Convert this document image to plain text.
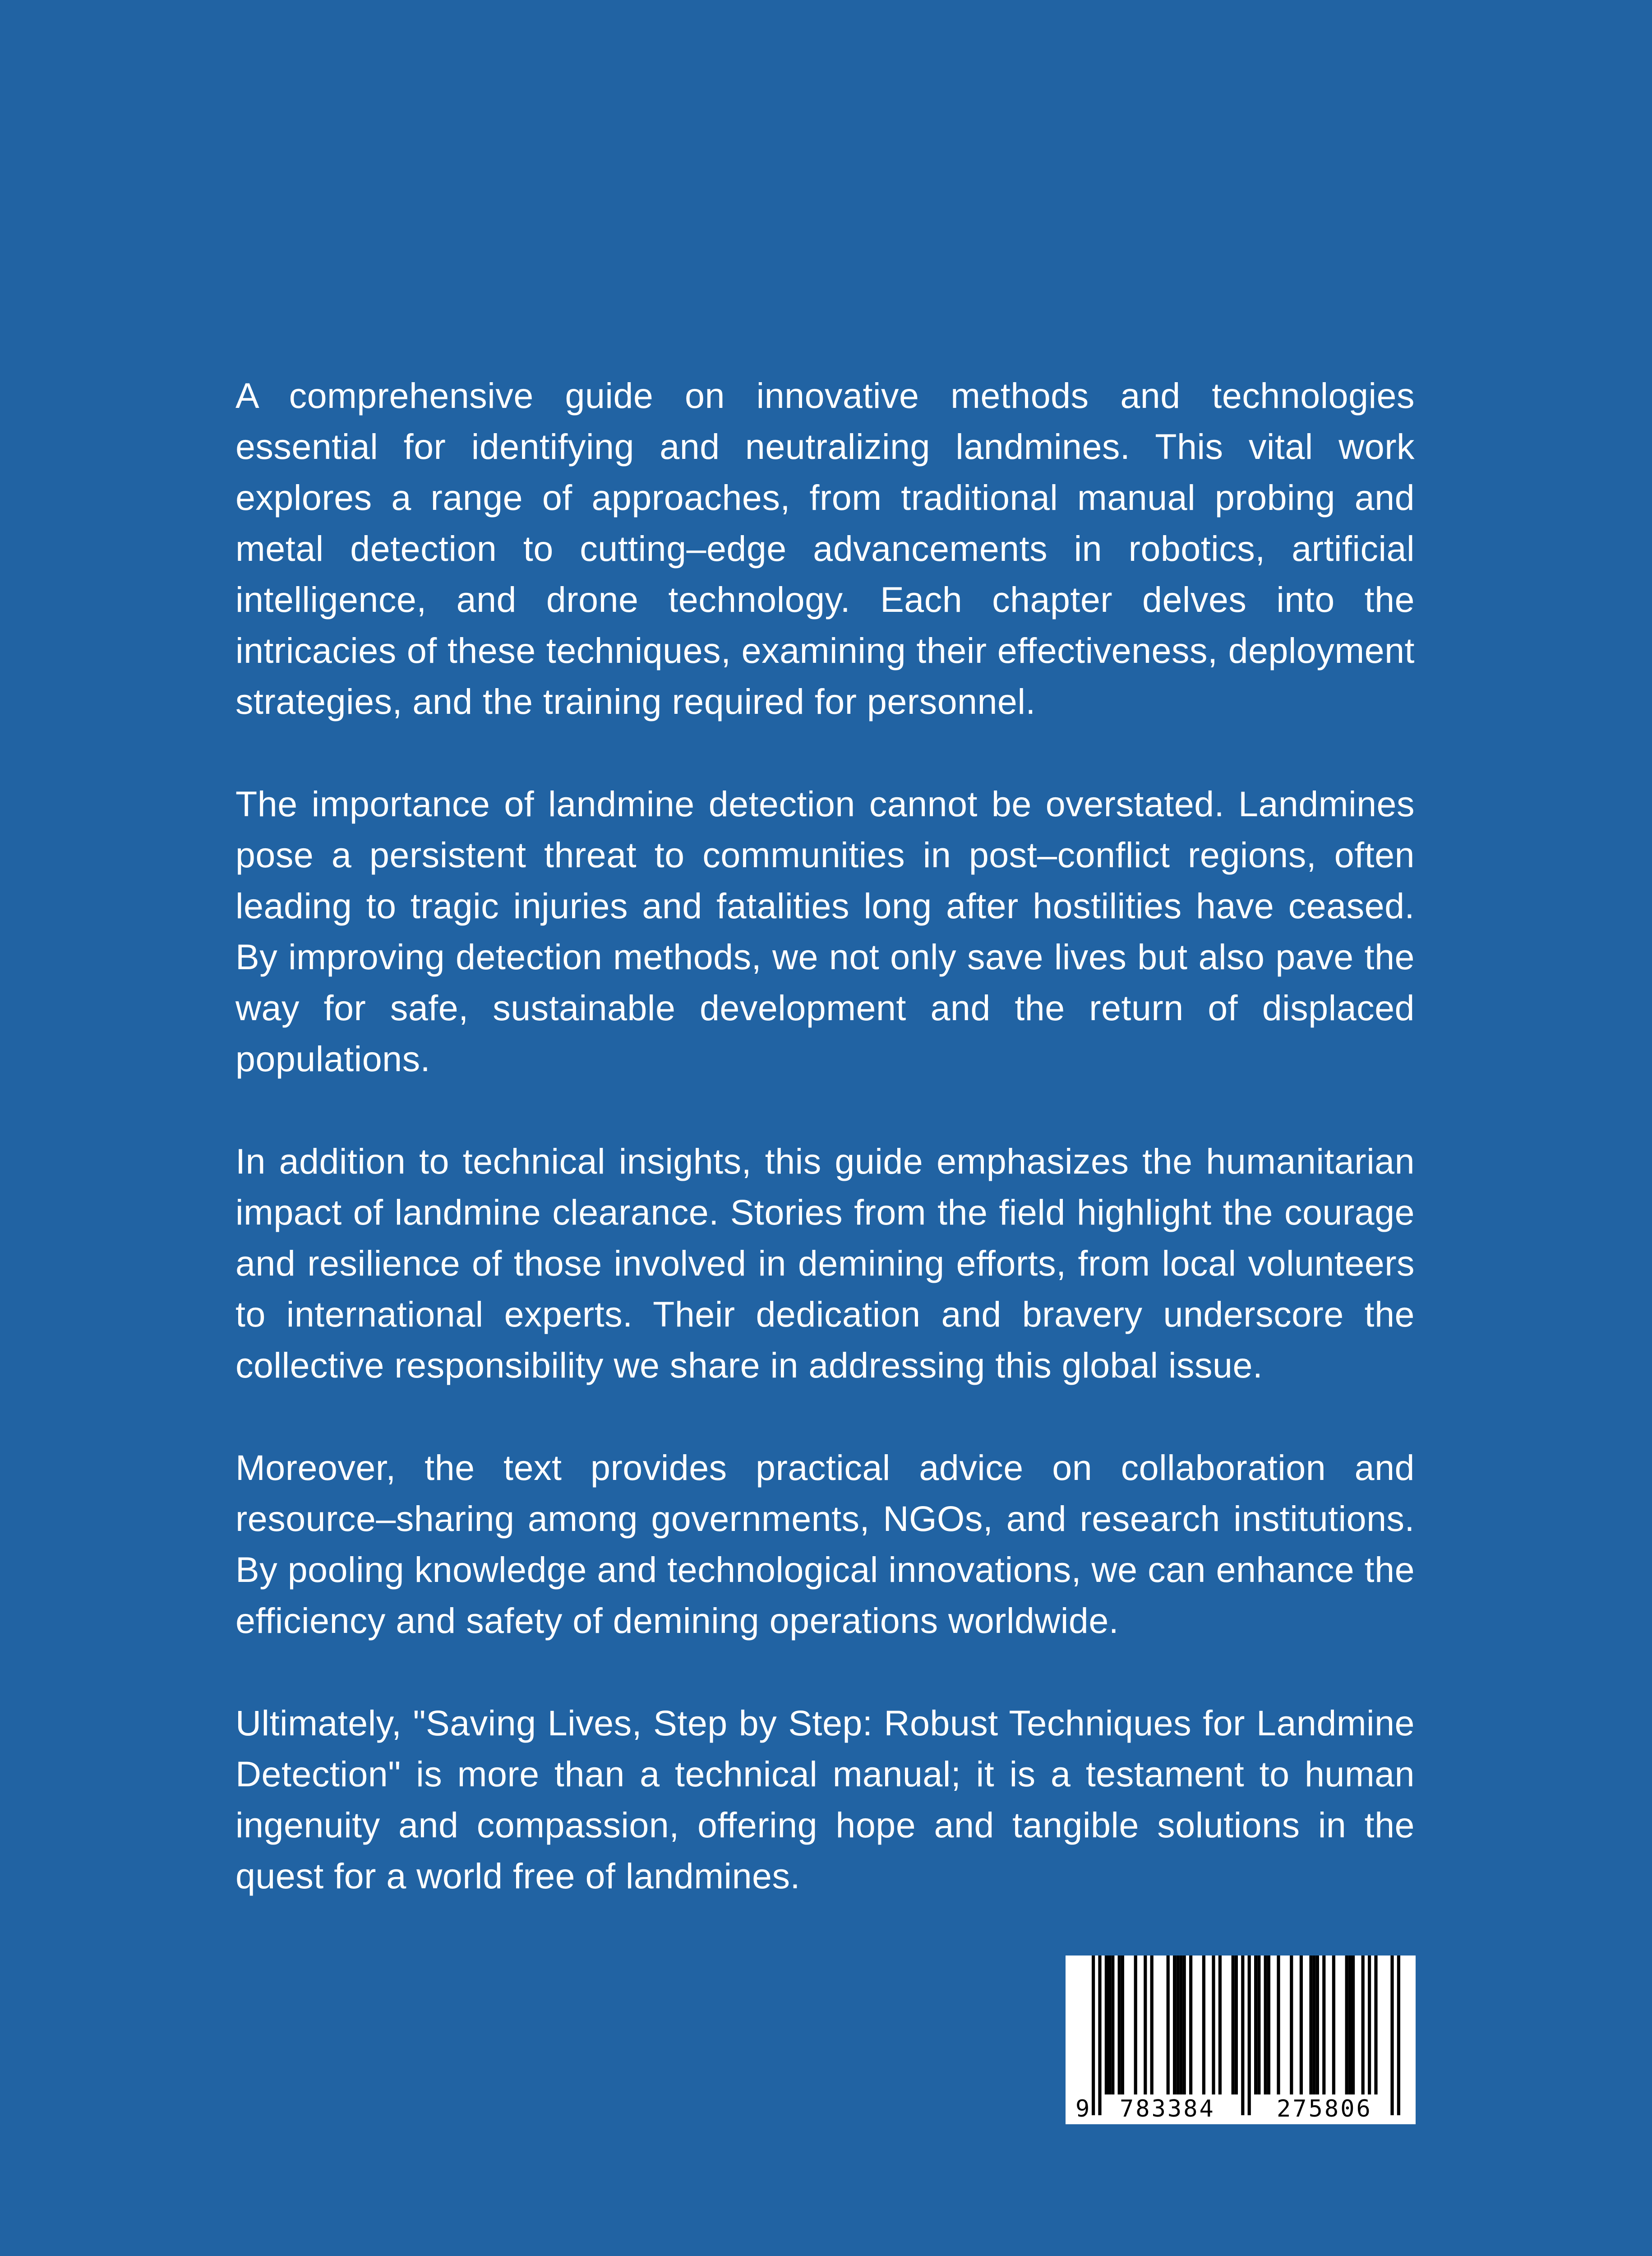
A comprehensive guide on innovative methods and technologies essential for identifying and neutralizing landmines. This vital work explores a range of approaches, from traditional manual probing and metal detection to cutting–edge advancements in robotics, artificial intelligence, and drone technology. Each chapter delves into the intricacies of these techniques, examining their effectiveness, deployment strategies, and the training required for personnel.

The importance of landmine detection cannot be overstated. Landmines pose a persistent threat to communities in post–conflict regions, often leading to tragic injuries and fatalities long after hostilities have ceased. By improving detection methods, we not only save lives but also pave the way for safe, sustainable development and the return of displaced populations.

In addition to technical insights, this guide emphasizes the humanitarian impact of landmine clearance. Stories from the field highlight the courage and resilience of those involved in demining efforts, from local volunteers to international experts. Their dedication and bravery underscore the collective responsibility we share in addressing this global issue.

Moreover, the text provides practical advice on collaboration and resource–sharing among governments, NGOs, and research institutions. By pooling knowledge and technological innovations, we can enhance the efficiency and safety of demining operations worldwide.

Ultimately, "Saving Lives, Step by Step: Robust Techniques for Landmine Detection" is more than a technical manual; it is a testament to human ingenuity and compassion, offering hope and tangible solutions in the quest for a world free of landmines.

9 783384	275806
